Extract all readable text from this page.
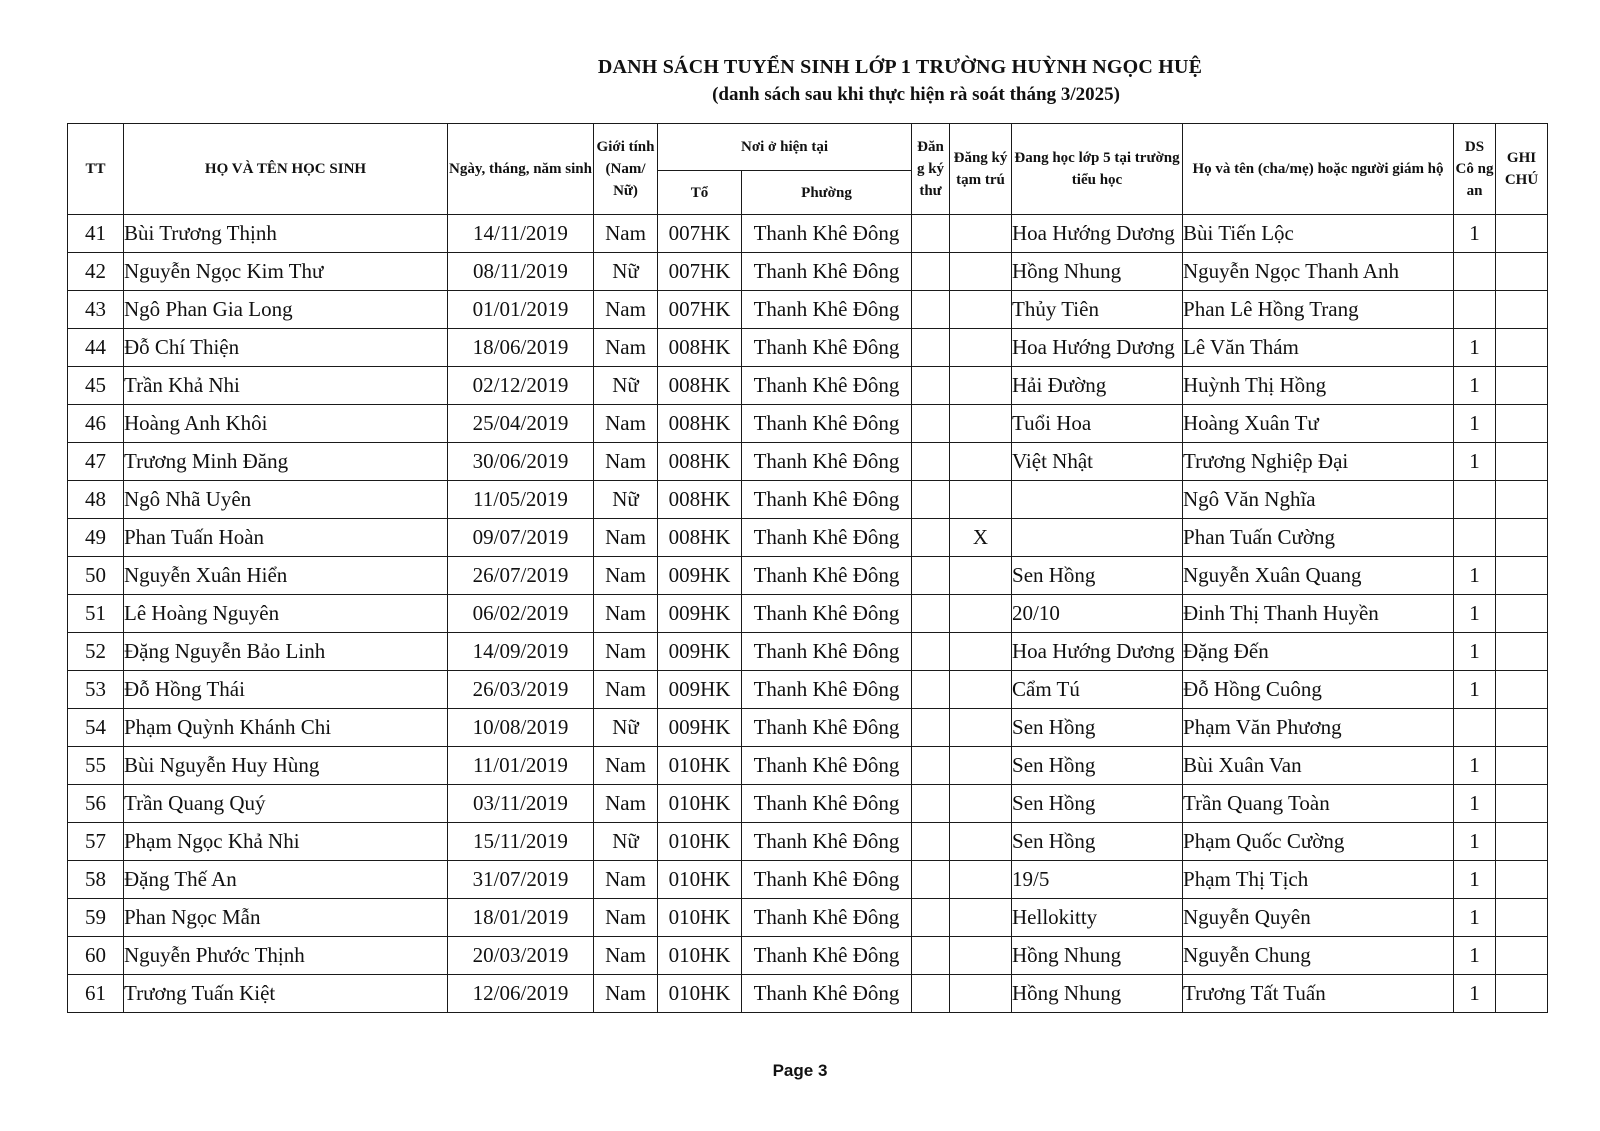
DANH SÁCH TUYỂN SINH LỚP 1 TRƯỜNG HUỲNH NGỌC HUỆ
(danh sách sau khi thực hiện rà soát tháng 3/2025)
TT	HỌ VÀ TÊN HỌC SINH	Ngày, tháng, năm sinh	Giới tính (Nam/ Nữ)	Nơi ở hiện tại		Đăn g ký thư	Đăng ký tạm trú	Đang học lớp 5 tại trường tiểu học	Họ và tên (cha/mẹ) hoặc người giám hộ	DS Cô ng an	GHI CHÚ
				Tổ	Phường						
41	Bùi Trương Thịnh	14/11/2019	Nam	007HK	Thanh Khê Đông			Hoa Hướng Dương	Bùi Tiến Lộc	1	
42	Nguyễn Ngọc Kim Thư	08/11/2019	Nữ	007HK	Thanh Khê Đông			Hồng Nhung	Nguyễn Ngọc Thanh Anh		
43	Ngô Phan Gia Long	01/01/2019	Nam	007HK	Thanh Khê Đông			Thủy Tiên	Phan Lê Hồng Trang		
44	Đỗ Chí Thiện	18/06/2019	Nam	008HK	Thanh Khê Đông			Hoa Hướng Dương	Lê Văn Thám	1	
45	Trần Khả Nhi	02/12/2019	Nữ	008HK	Thanh Khê Đông			Hải Đường	Huỳnh Thị Hồng	1	
46	Hoàng Anh Khôi	25/04/2019	Nam	008HK	Thanh Khê Đông			Tuổi Hoa	Hoàng Xuân Tư	1	
47	Trương Minh Đăng	30/06/2019	Nam	008HK	Thanh Khê Đông			Việt Nhật	Trương Nghiệp Đại	1	
48	Ngô Nhã Uyên	11/05/2019	Nữ	008HK	Thanh Khê Đông				Ngô Văn Nghĩa		
49	Phan Tuấn Hoàn	09/07/2019	Nam	008HK	Thanh Khê Đông		X		Phan Tuấn Cường		
50	Nguyễn Xuân Hiển	26/07/2019	Nam	009HK	Thanh Khê Đông			Sen Hồng	Nguyễn Xuân Quang	1	
51	Lê Hoàng Nguyên	06/02/2019	Nam	009HK	Thanh Khê Đông			20/10	Đinh Thị Thanh Huyền	1	
52	Đặng Nguyễn Bảo Linh	14/09/2019	Nam	009HK	Thanh Khê Đông			Hoa Hướng Dương	Đặng Đến	1	
53	Đỗ Hồng Thái	26/03/2019	Nam	009HK	Thanh Khê Đông			Cẩm Tú	Đỗ Hồng Cuông	1	
54	Phạm Quỳnh Khánh Chi	10/08/2019	Nữ	009HK	Thanh Khê Đông			Sen Hồng	Phạm Văn Phương		
55	Bùi Nguyễn Huy Hùng	11/01/2019	Nam	010HK	Thanh Khê Đông			Sen Hồng	Bùi Xuân Van	1	
56	Trần Quang Quý	03/11/2019	Nam	010HK	Thanh Khê Đông			Sen Hồng	Trần Quang Toàn	1	
57	Phạm Ngọc Khả Nhi	15/11/2019	Nữ	010HK	Thanh Khê Đông			Sen Hồng	Phạm Quốc Cường	1	
58	Đặng Thế An	31/07/2019	Nam	010HK	Thanh Khê Đông			19/5	Phạm Thị Tịch	1	
59	Phan Ngọc Mẫn	18/01/2019	Nam	010HK	Thanh Khê Đông			Hellokitty	Nguyễn Quyên	1	
60	Nguyễn Phước Thịnh	20/03/2019	Nam	010HK	Thanh Khê Đông			Hồng Nhung	Nguyễn Chung	1	
61	Trương Tuấn Kiệt	12/06/2019	Nam	010HK	Thanh Khê Đông			Hồng Nhung	Trương Tất Tuấn	1	
Page 3
